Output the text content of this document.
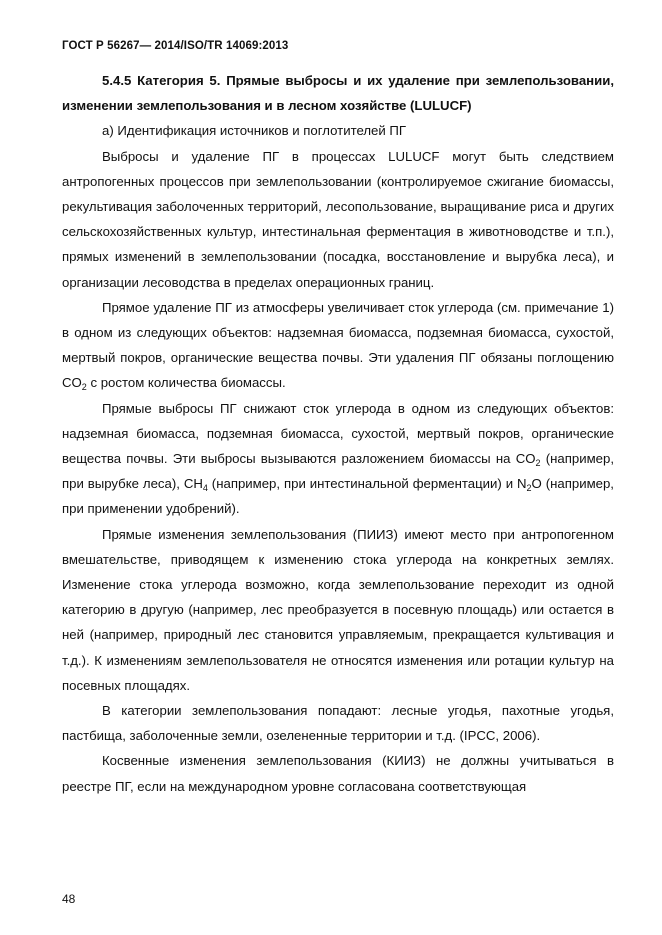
ГОСТ Р 56267— 2014/ISO/TR 14069:2013

5.4.5 Категория 5. Прямые выбросы и их удаление при землепользовании, изменении землепользования и в лесном хозяйстве (LULUCF)

а) Идентификация источников и поглотителей ПГ

Выбросы и удаление ПГ в процессах LULUCF могут быть следствием антропогенных процессов при землепользовании (контролируемое сжигание биомассы, рекультивация заболоченных территорий, лесопользование, выращивание риса и других сельскохозяйственных культур, интестинальная ферментация в животноводстве и т.п.), прямых изменений в землепользовании (посадка, восстановление и вырубка леса), и организации лесоводства в пределах операционных границ.

Прямое удаление ПГ из атмосферы увеличивает сток углерода (см. примечание 1) в одном из следующих объектов: надземная биомасса, подземная биомасса, сухостой, мертвый покров, органические вещества почвы. Эти удаления ПГ обязаны поглощению $CO_2$ с ростом количества биомассы.

Прямые выбросы ПГ снижают сток углерода в одном из следующих объектов: надземная биомасса, подземная биомасса, сухостой, мертвый покров, органические вещества почвы. Эти выбросы вызываются разложением биомассы на $CO_2$ (например, при вырубке леса), $CH_4$ (например, при интестинальной ферментации) и $N_2O$ (например, при применении удобрений).

Прямые изменения землепользования (ПИИЗ) имеют место при антропогенном вмешательстве, приводящем к изменению стока углерода на конкретных землях. Изменение стока углерода возможно, когда землепользование переходит из одной категорию в другую (например, лес преобразуется в посевную площадь) или остается в ней (например, природный лес становится управляемым, прекращается культивация и т.д.). К изменениям землепользователя не относятся изменения или ротации культур на посевных площадях.

В категории землепользования попадают: лесные угодья, пахотные угодья, пастбища, заболоченные земли, озелененные территории и т.д. (IPCC, 2006).

Косвенные изменения землепользования (КИИЗ) не должны учитываться в реестре ПГ, если на международном уровне согласована соответствующая

48
